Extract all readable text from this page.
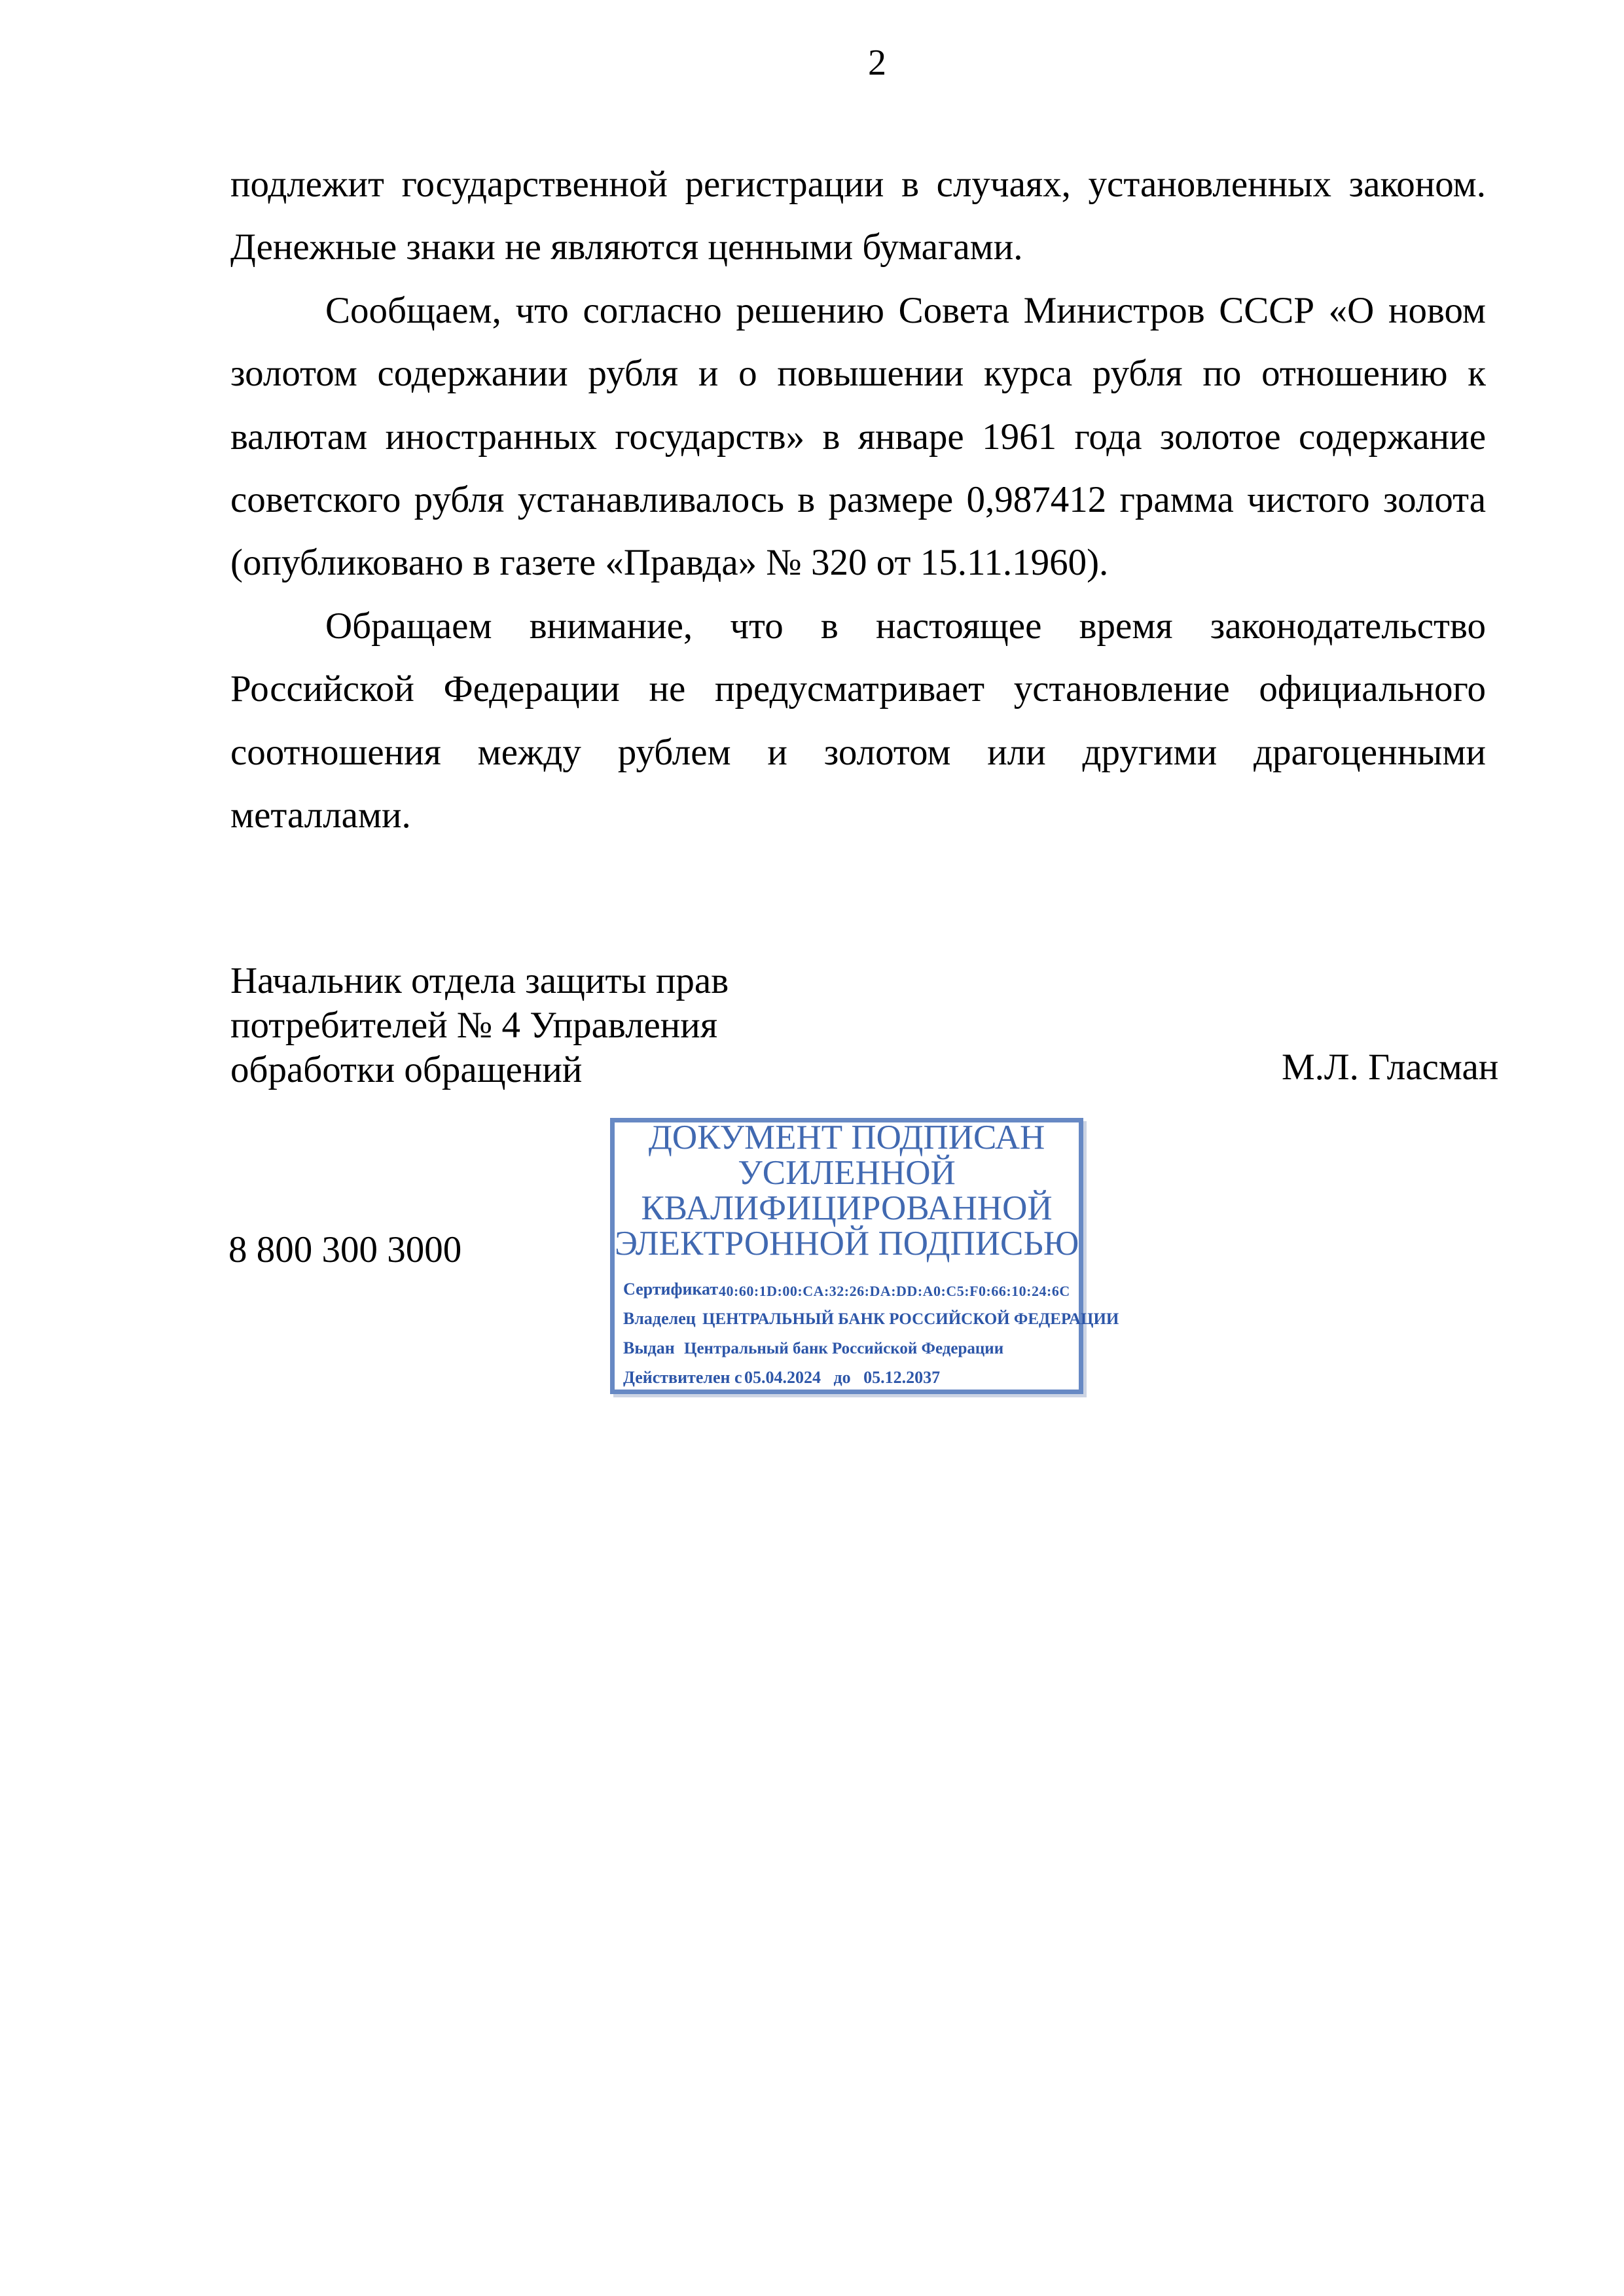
2
подлежит государственной регистрации в случаях, установленных законом.
Денежные знаки не являются ценными бумагами.
Сообщаем, что согласно решению Совета Министров СССР «О новом
золотом содержании рубля и о повышении курса рубля по отношению к
валютам иностранных государств» в январе 1961 года золотое содержание
советского рубля устанавливалось в размере 0,987412 грамма чистого золота
(опубликовано в газете «Правда» № 320 от 15.11.1960).
Обращаем внимание, что в настоящее время законодательство
Российской Федерации не предусматривает установление официального
соотношения между рублем и золотом или другими драгоценными
металлами.
Начальник отдела защиты прав
потребителей № 4 Управления
обработки обращений	М.Л. Гласман
8 800 300 3000
ДОКУМЕНТ ПОДПИСАН
УСИЛЕННОЙ
КВАЛИФИЦИРОВАННОЙ
ЭЛЕКТРОННОЙ ПОДПИСЬЮ
Сертификат 40:60:1D:00:CA:32:26:DA:DD:A0:C5:F0:66:10:24:6C
Владелец ЦЕНТРАЛЬНЫЙ БАНК РОССИЙСКОЙ ФЕДЕРАЦИИ
Выдан Центральный банк Российской Федерации
Действителен с 05.04.2024   до   05.12.2037
